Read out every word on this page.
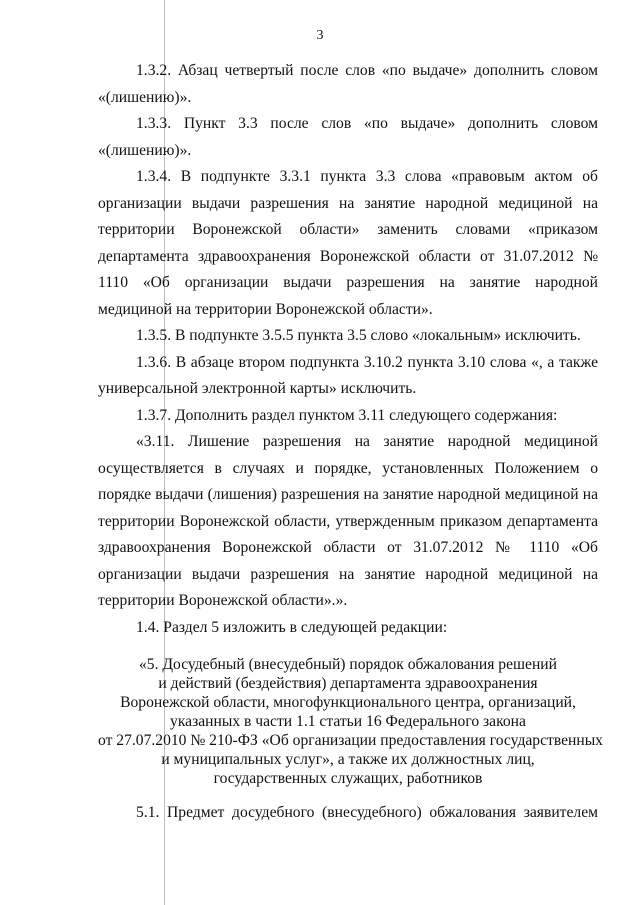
3

1.3.2. Абзац четвертый после слов «по выдаче» дополнить словом «(лишению)».

1.3.3. Пункт 3.3 после слов «по выдаче» дополнить словом «(лишению)».

1.3.4. В подпункте 3.3.1 пункта 3.3 слова «правовым актом об организации выдачи разрешения на занятие народной медициной на территории Воронежской области» заменить словами «приказом департамента здравоохранения Воронежской области от 31.07.2012 № 1110 «Об организации выдачи разрешения на занятие народной медициной на территории Воронежской области».

1.3.5. В подпункте 3.5.5 пункта 3.5 слово «локальным» исключить.

1.3.6. В абзаце втором подпункта 3.10.2 пункта 3.10 слова «, а также универсальной электронной карты» исключить.

1.3.7. Дополнить раздел пунктом 3.11 следующего содержания:

«3.11. Лишение разрешения на занятие народной медициной осуществляется в случаях и порядке, установленных Положением о порядке выдачи (лишения) разрешения на занятие народной медициной на территории Воронежской области, утвержденным приказом департамента здравоохранения Воронежской области от 31.07.2012 № 1110 «Об организации выдачи разрешения на занятие народной медициной на территории Воронежской области».».

1.4. Раздел 5 изложить в следующей редакции:

«5. Досудебный (внесудебный) порядок обжалования решений
и действий (бездействия) департамента здравоохранения
Воронежской области, многофункционального центра, организаций,
указанных в части 1.1 статьи 16 Федерального закона
от 27.07.2010 № 210-ФЗ «Об организации предоставления государственных
и муниципальных услуг», а также их должностных лиц,
государственных служащих, работников
5.1. Предмет досудебного (внесудебного) обжалования заявителем
